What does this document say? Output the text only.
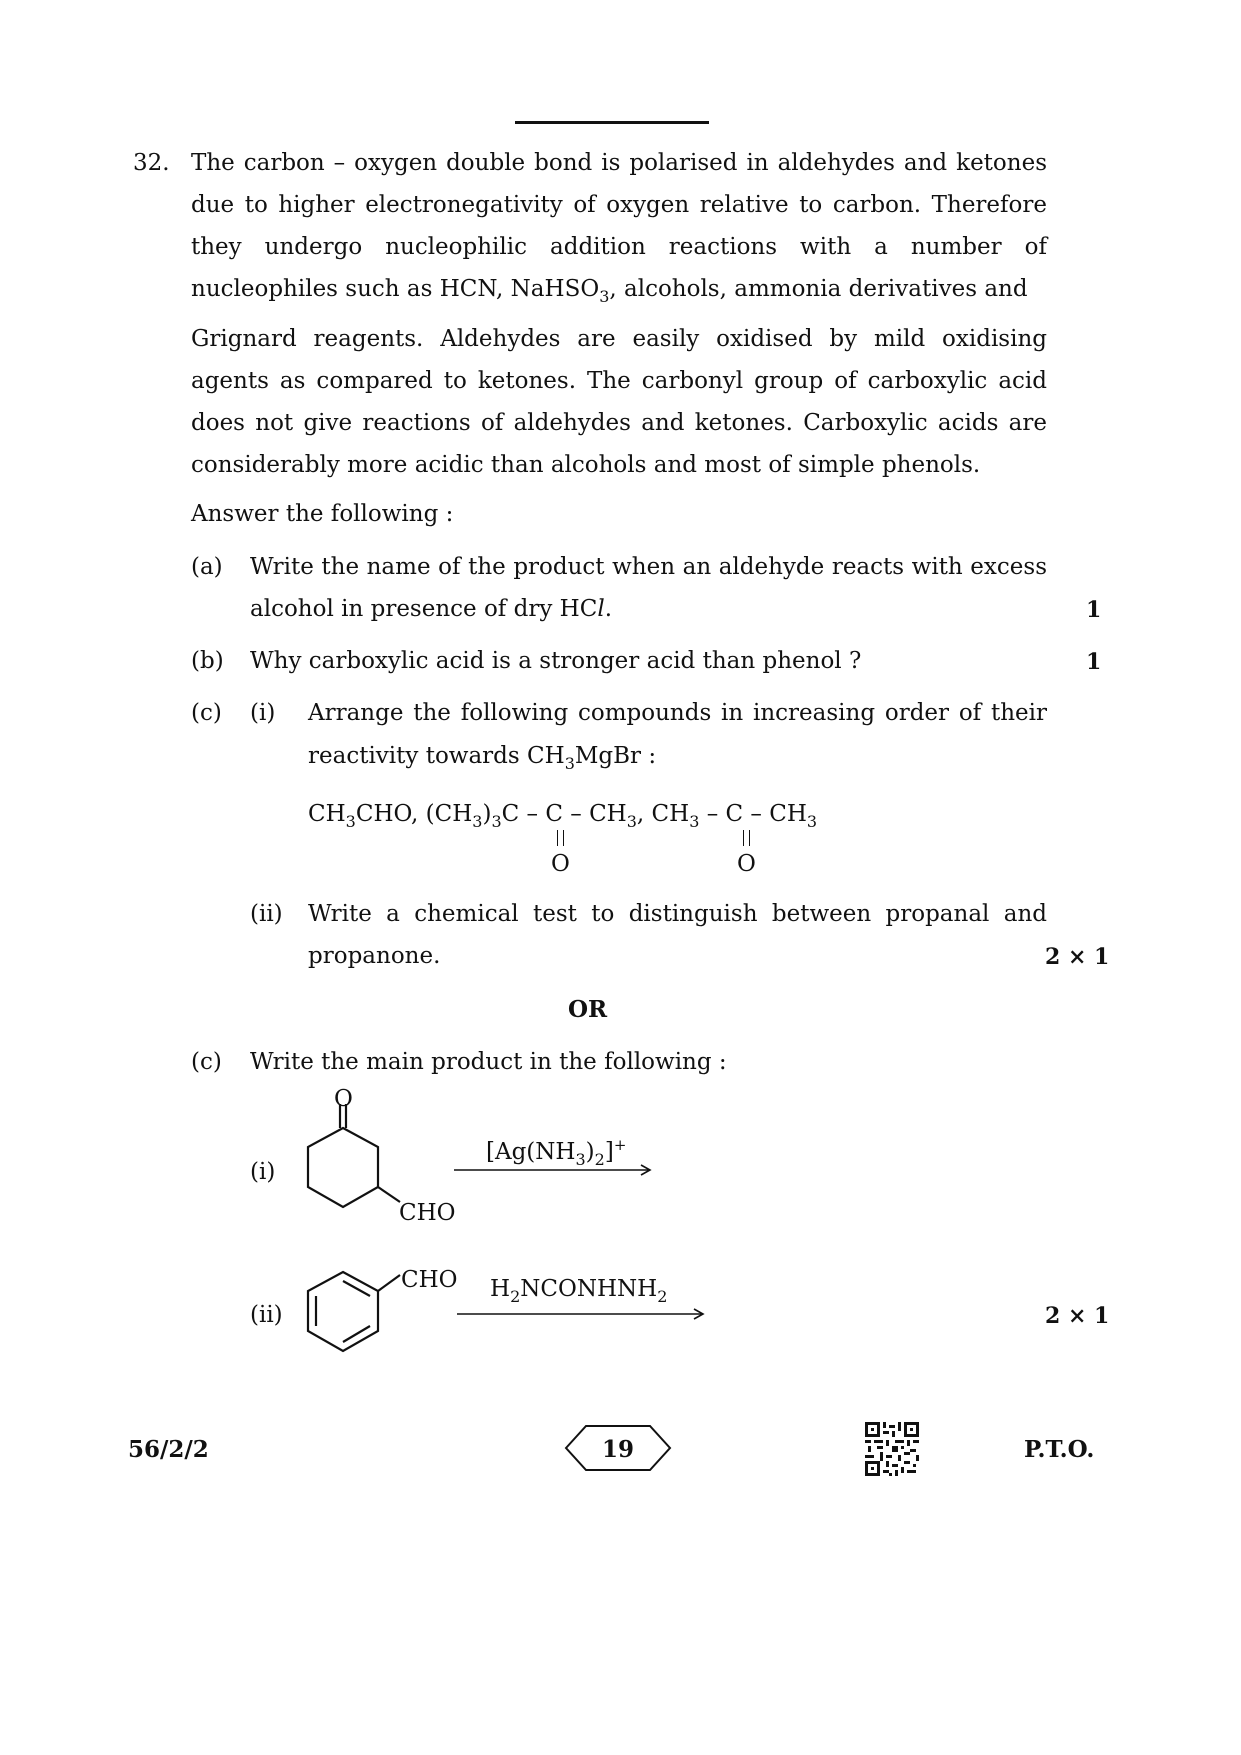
32. The carbon – oxygen double bond is polarised in aldehydes and ketones due to higher electronegativity of oxygen relative to carbon. Therefore they undergo nucleophilic addition reactions with a number of nucleophiles such as HCN, NaHSO$_3$, alcohols, ammonia derivatives and
Grignard reagents. Aldehydes are easily oxidised by mild oxidising agents as compared to ketones. The carbonyl group of carboxylic acid does not give reactions of aldehydes and ketones. Carboxylic acids are considerably more acidic than alcohols and most of simple phenols.
Answer the following :
(a) Write the name of the product when an aldehyde reacts with excess
alcohol in presence of dry HCl.	1
(b) Why carboxylic acid is a stronger acid than phenol ?	1
(c) (i) Arrange the following compounds in increasing order of their
reactivity towards $CH_3MgBr$ :
$CH_3CHO$, $(CH_3)_3C$ – C – $CH_3$, $CH_3$ – C – $CH_3$
O	O
(ii) Write a chemical test to distinguish between propanal and
propanone.	2 × 1
OR
(c) Write the main product in the following :
(i)
O
CHO
$[Ag(NH_3)_2]^+$
(ii)
CHO $H_2NCONHNH_2$
2 × 1
56/2/2	19	P.T.O.
